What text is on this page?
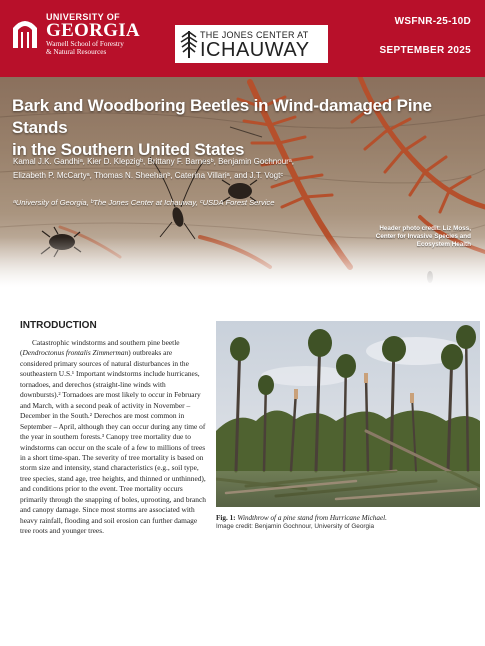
UNIVERSITY OF
GEORGIA
Warnell School of Forestry
& Natural Resources
THE JONES CENTER AT
ICHAUWAY
WSFNR-25-10D
SEPTEMBER 2025
Bark and Woodboring Beetles in Wind-damaged Pine Stands
in the Southern United States
Kamal J.K. Gandhiᵃ, Kier D. Klepzigᵇ, Brittany F. Barnesᵇ, Benjamin Gochnourᵃ,
Elizabeth P. McCartyᵃ, Thomas N. Sheehanᵇ, Caterina Villariᵃ, and J.T. Vogtᶜ
ᵃUniversity of Georgia, ᵇThe Jones Center at Ichauway, ᶜUSDA Forest Service
Header photo credit: Liz Moss,
Center for Invasive Species and
Ecosystem Health
INTRODUCTION

Catastrophic windstorms and southern pine beetle (Dendroctonus frontalis Zimmerman) outbreaks are considered primary sources of natural disturbances in the southeastern U.S.¹ Important windstorms include hurricanes, tornadoes, and derechos (straight-line winds with downbursts).² Tornadoes are most likely to occur in February and March, with a second peak of activity in November – December in the South.² Derechos are most common in September – April, although they can occur during any time of the year in southern forests.³ Canopy tree mortality due to windstorms can occur on the scale of a few to millions of trees in a short time-span. The severity of tree mortality is based on storm size and intensity, stand characteristics (e.g., soil type, tree species, stand age, tree heights, and thinned or unthinned), and conditions prior to the event. Tree mortality occurs primarily through the snapping of boles, uprooting, and branch and canopy damage. Since most storms are associated with heavy rainfall, flooding and soil erosion can further damage tree roots and younger trees.

Fig. 1: Windthrow of a pine stand from Hurricane Michael.
Image credit: Benjamin Gochnour, University of Georgia
